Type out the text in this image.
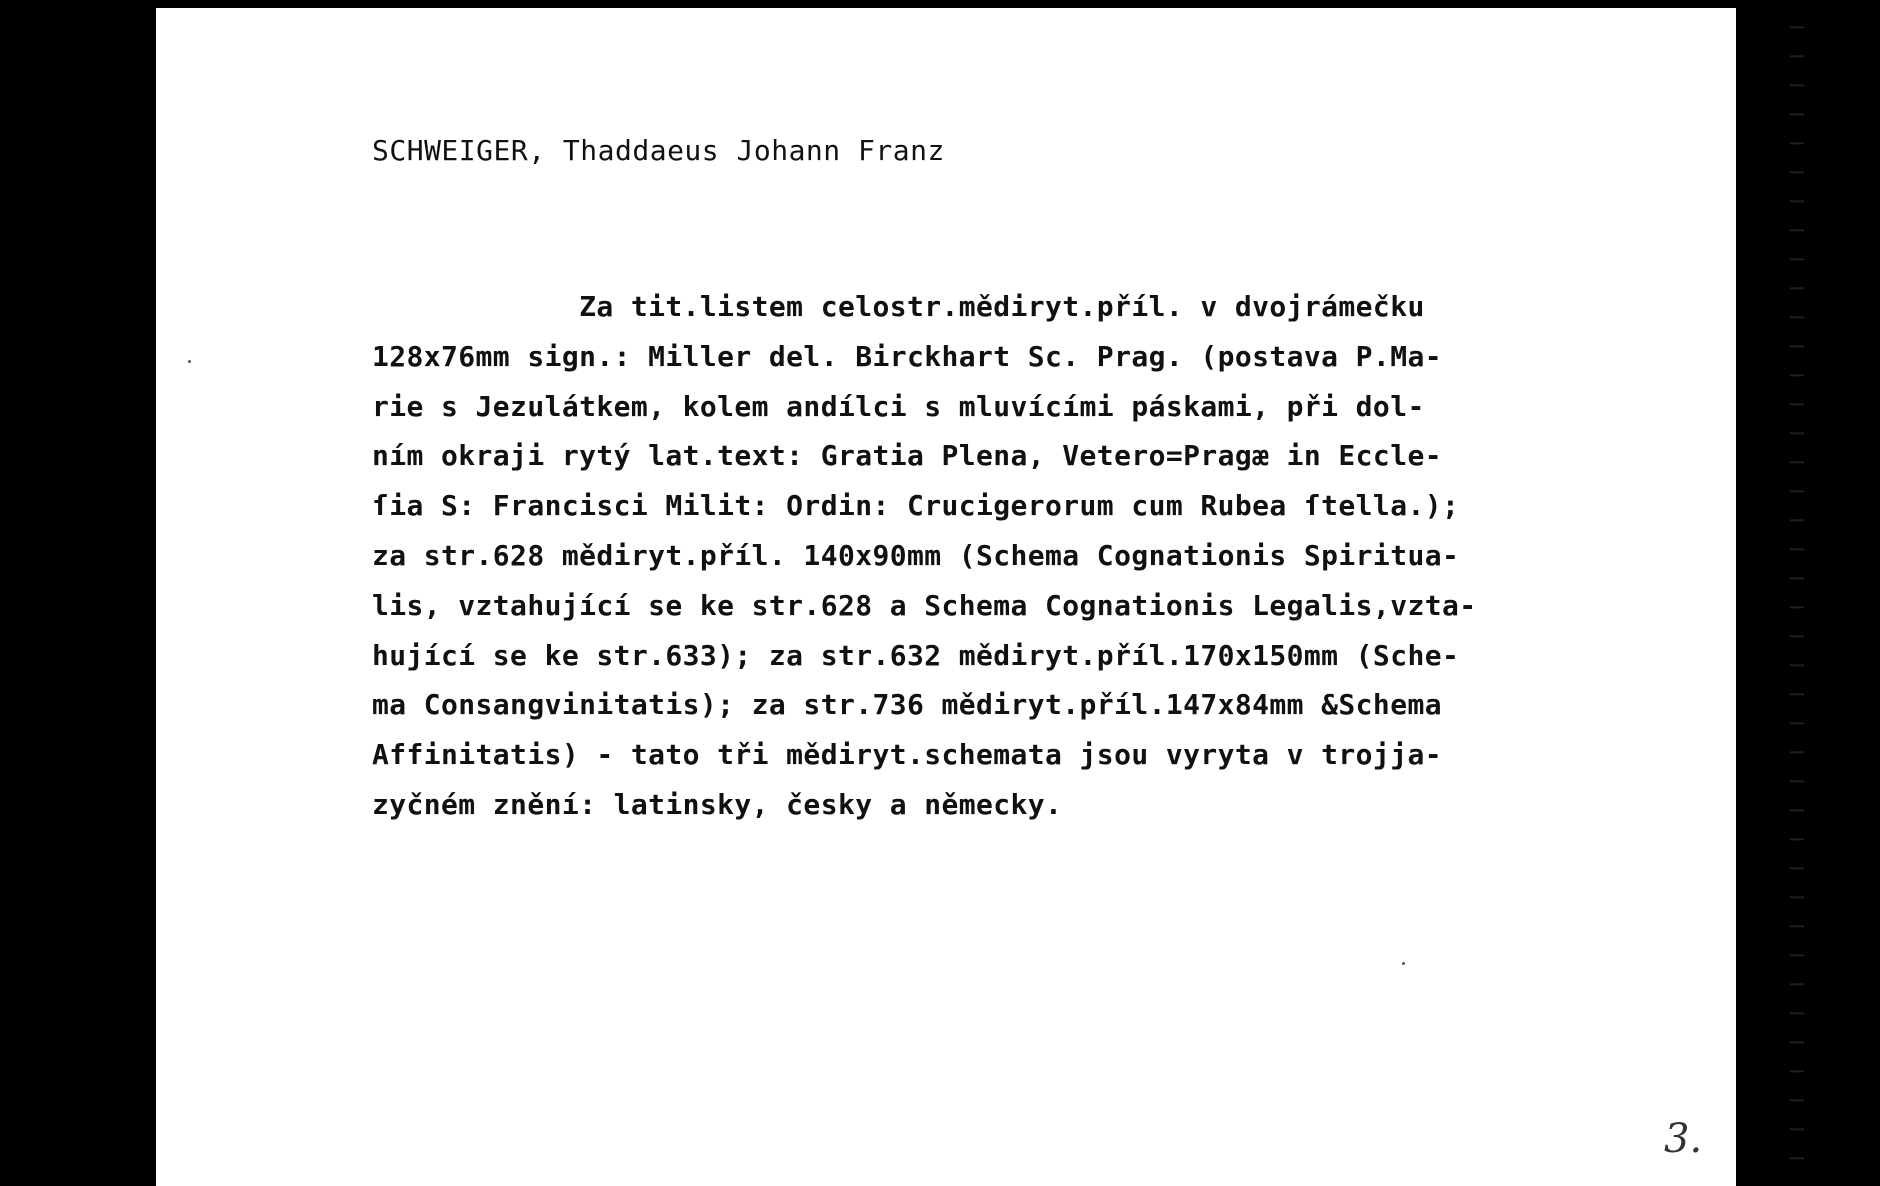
SCHWEIGER, Thaddaeus Johann Franz
Za tit.listem celostr.mědiryt.příl. v dvojrámečku
128x76mm sign.: Miller del. Birckhart Sc. Prag. (postava P.Ma-
rie s Jezulátkem, kolem andílci s mluvícími páskami, při dol-
ním okraji rytý lat.text: Gratia Plena, Vetero=Pragæ in Eccle-
ſia S: Francisci Milit: Ordin: Crucigerorum cum Rubea ſtella.);
za str.628 mědiryt.příl. 140x90mm (Schema Cognationis Spiritua-
lis, vztahující se ke str.628 a Schema Cognationis Legalis,vzta-
hující se ke str.633); za str.632 mědiryt.příl.170x150mm (Sche-
ma Consangvinitatis); za str.736 mědiryt.příl.147x84mm &Schema
Affinitatis) - tato tři mědiryt.schemata jsou vyryta v trojja-
zyčném znění: latinsky, česky a německy.
3.
